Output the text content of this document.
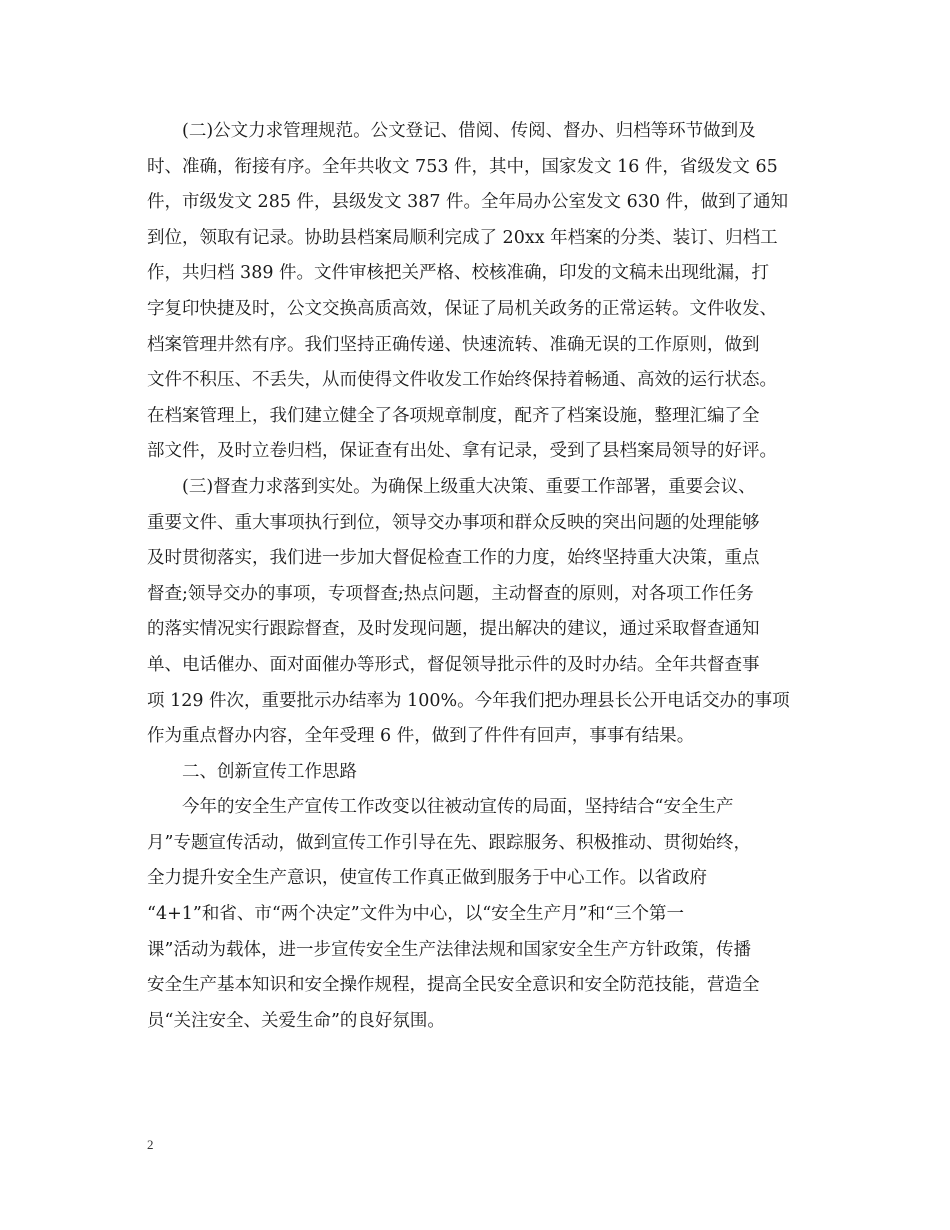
(二)公文力求管理规范。公文登记、借阅、传阅、督办、归档等环节做到及
时、准确，衔接有序。全年共收文 753 件，其中，国家发文 16 件，省级发文 65
件，市级发文 285 件，县级发文 387 件。全年局办公室发文 630 件，做到了通知
到位，领取有记录。协助县档案局顺利完成了 20xx 年档案的分类、装订、归档工
作，共归档 389 件。文件审核把关严格、校核准确，印发的文稿未出现纰漏，打
字复印快捷及时，公文交换高质高效，保证了局机关政务的正常运转。文件收发、
档案管理井然有序。我们坚持正确传递、快速流转、准确无误的工作原则，做到
文件不积压、不丢失，从而使得文件收发工作始终保持着畅通、高效的运行状态。
在档案管理上，我们建立健全了各项规章制度，配齐了档案设施，整理汇编了全
部文件，及时立卷归档，保证查有出处、拿有记录，受到了县档案局领导的好评。

(三)督查力求落到实处。为确保上级重大决策、重要工作部署，重要会议、
重要文件、重大事项执行到位，领导交办事项和群众反映的突出问题的处理能够
及时贯彻落实，我们进一步加大督促检查工作的力度，始终坚持重大决策，重点
督查;领导交办的事项，专项督查;热点问题，主动督查的原则，对各项工作任务
的落实情况实行跟踪督查，及时发现问题，提出解决的建议，通过采取督查通知
单、电话催办、面对面催办等形式，督促领导批示件的及时办结。全年共督查事
项 129 件次，重要批示办结率为 100%。今年我们把办理县长公开电话交办的事项
作为重点督办内容，全年受理 6 件，做到了件件有回声，事事有结果。

二、创新宣传工作思路

今年的安全生产宣传工作改变以往被动宣传的局面，坚持结合“安全生产
月”专题宣传活动，做到宣传工作引导在先、跟踪服务、积极推动、贯彻始终，
全力提升安全生产意识，使宣传工作真正做到服务于中心工作。以省政府
“4+1”和省、市“两个决定”文件为中心，以“安全生产月”和“三个第一
课”活动为载体，进一步宣传安全生产法律法规和国家安全生产方针政策，传播
安全生产基本知识和安全操作规程，提高全民安全意识和安全防范技能，营造全
员“关注安全、关爱生命”的良好氛围。

2
